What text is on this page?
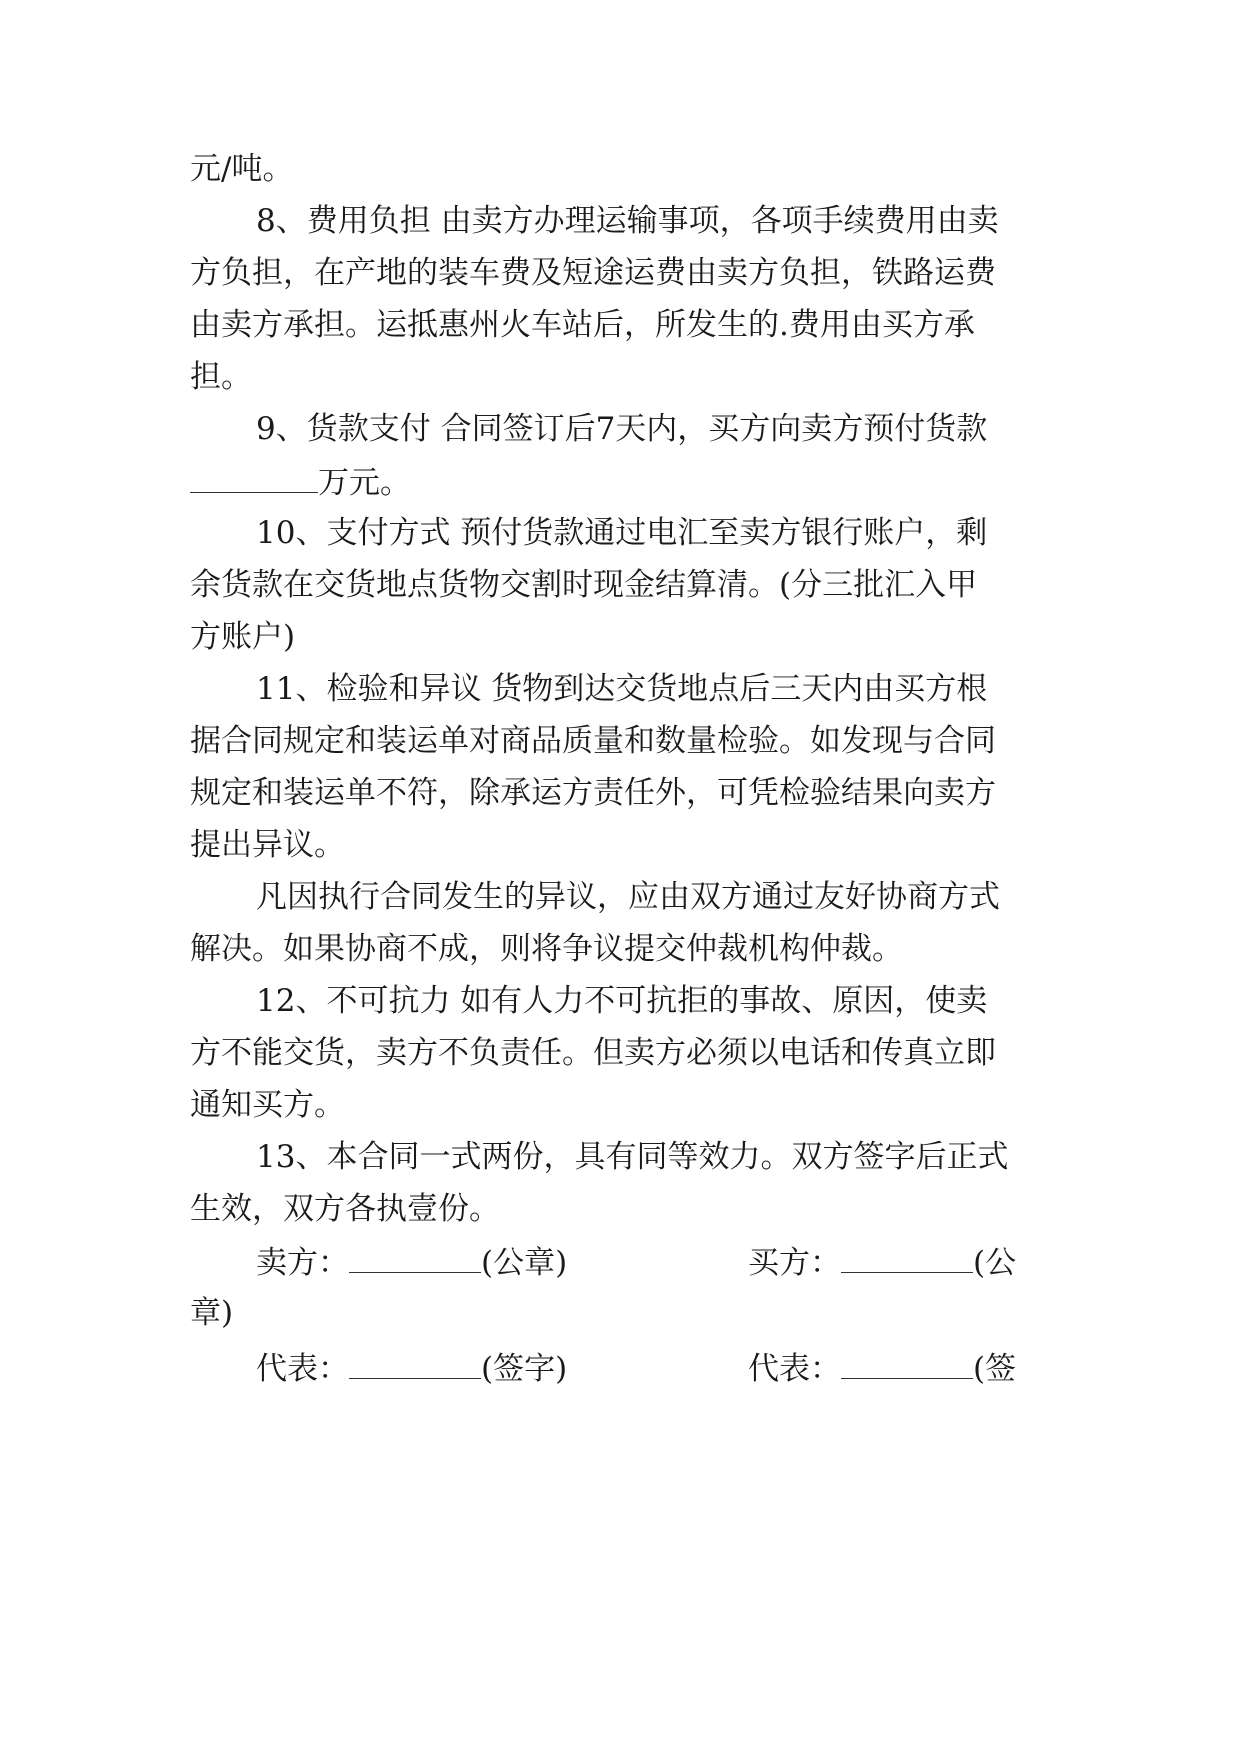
元/吨。
8、费用负担 由卖方办理运输事项，各项手续费用由卖
方负担，在产地的装车费及短途运费由卖方负担，铁路运费
由卖方承担。运抵惠州火车站后，所发生的.费用由买方承
担。
9、货款支付 合同签订后7天内，买方向卖方预付货款
万元。
10、支付方式 预付货款通过电汇至卖方银行账户，剩
余货款在交货地点货物交割时现金结算清。(分三批汇入甲
方账户)
11、检验和异议 货物到达交货地点后三天内由买方根
据合同规定和装运单对商品质量和数量检验。如发现与合同
规定和装运单不符，除承运方责任外，可凭检验结果向卖方
提出异议。
凡因执行合同发生的异议，应由双方通过友好协商方式
解决。如果协商不成，则将争议提交仲裁机构仲裁。
12、不可抗力 如有人力不可抗拒的事故、原因，使卖
方不能交货，卖方不负责任。但卖方必须以电话和传真立即
通知买方。
13、本合同一式两份，具有同等效力。双方签字后正式
生效，双方各执壹份。
卖方：	(公章)	买方：	(公
章)
代表：	(签字)	代表：	(签
